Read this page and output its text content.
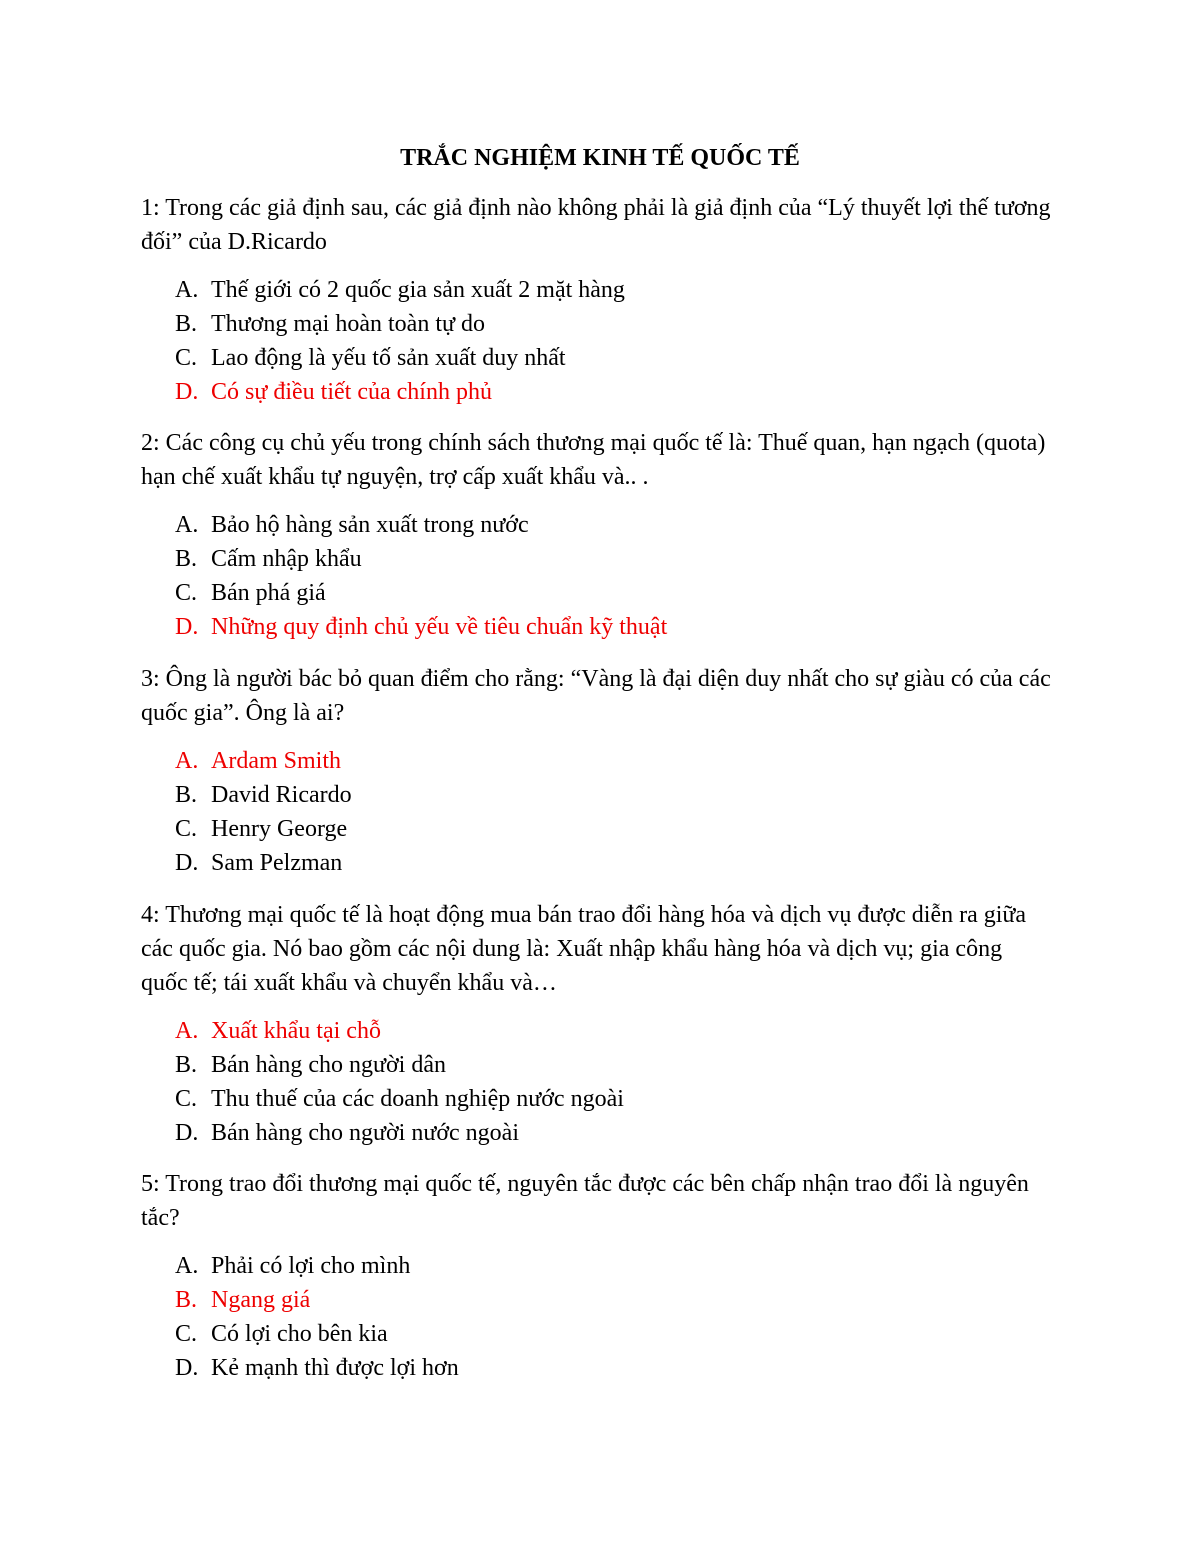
TRẮC NGHIỆM KINH TẾ QUỐC TẾ

1: Trong các giả định sau, các giả định nào không phải là giả định của “Lý thuyết lợi thế tương đối” của D.Ricardo

A. Thế giới có 2 quốc gia sản xuất 2 mặt hàng
B. Thương mại hoàn toàn tự do
C. Lao động là yếu tố sản xuất duy nhất
D. Có sự điều tiết của chính phủ

2: Các công cụ chủ yếu trong chính sách thương mại quốc tế là: Thuế quan, hạn ngạch (quota) hạn chế xuất khẩu tự nguyện, trợ cấp xuất khẩu và.. .

A. Bảo hộ hàng sản xuất trong nước
B. Cấm nhập khẩu
C. Bán phá giá
D. Những quy định chủ yếu về tiêu chuẩn kỹ thuật

3: Ông là người bác bỏ quan điểm cho rằng: “Vàng là đại diện duy nhất cho sự giàu có của các quốc gia”. Ông là ai?

A. Ardam Smith
B. David Ricardo
C. Henry George
D. Sam Pelzman

4: Thương mại quốc tế là hoạt động mua bán trao đổi hàng hóa và dịch vụ được diễn ra giữa các quốc gia. Nó bao gồm các nội dung là: Xuất nhập khẩu hàng hóa và dịch vụ; gia công quốc tế; tái xuất khẩu và chuyển khẩu và…

A. Xuất khẩu tại chỗ
B. Bán hàng cho người dân
C. Thu thuế của các doanh nghiệp nước ngoài
D. Bán hàng cho người nước ngoài

5: Trong trao đổi thương mại quốc tế, nguyên tắc được các bên chấp nhận trao đổi là nguyên tắc?

A. Phải có lợi cho mình
B. Ngang giá
C. Có lợi cho bên kia
D. Kẻ mạnh thì được lợi hơn
